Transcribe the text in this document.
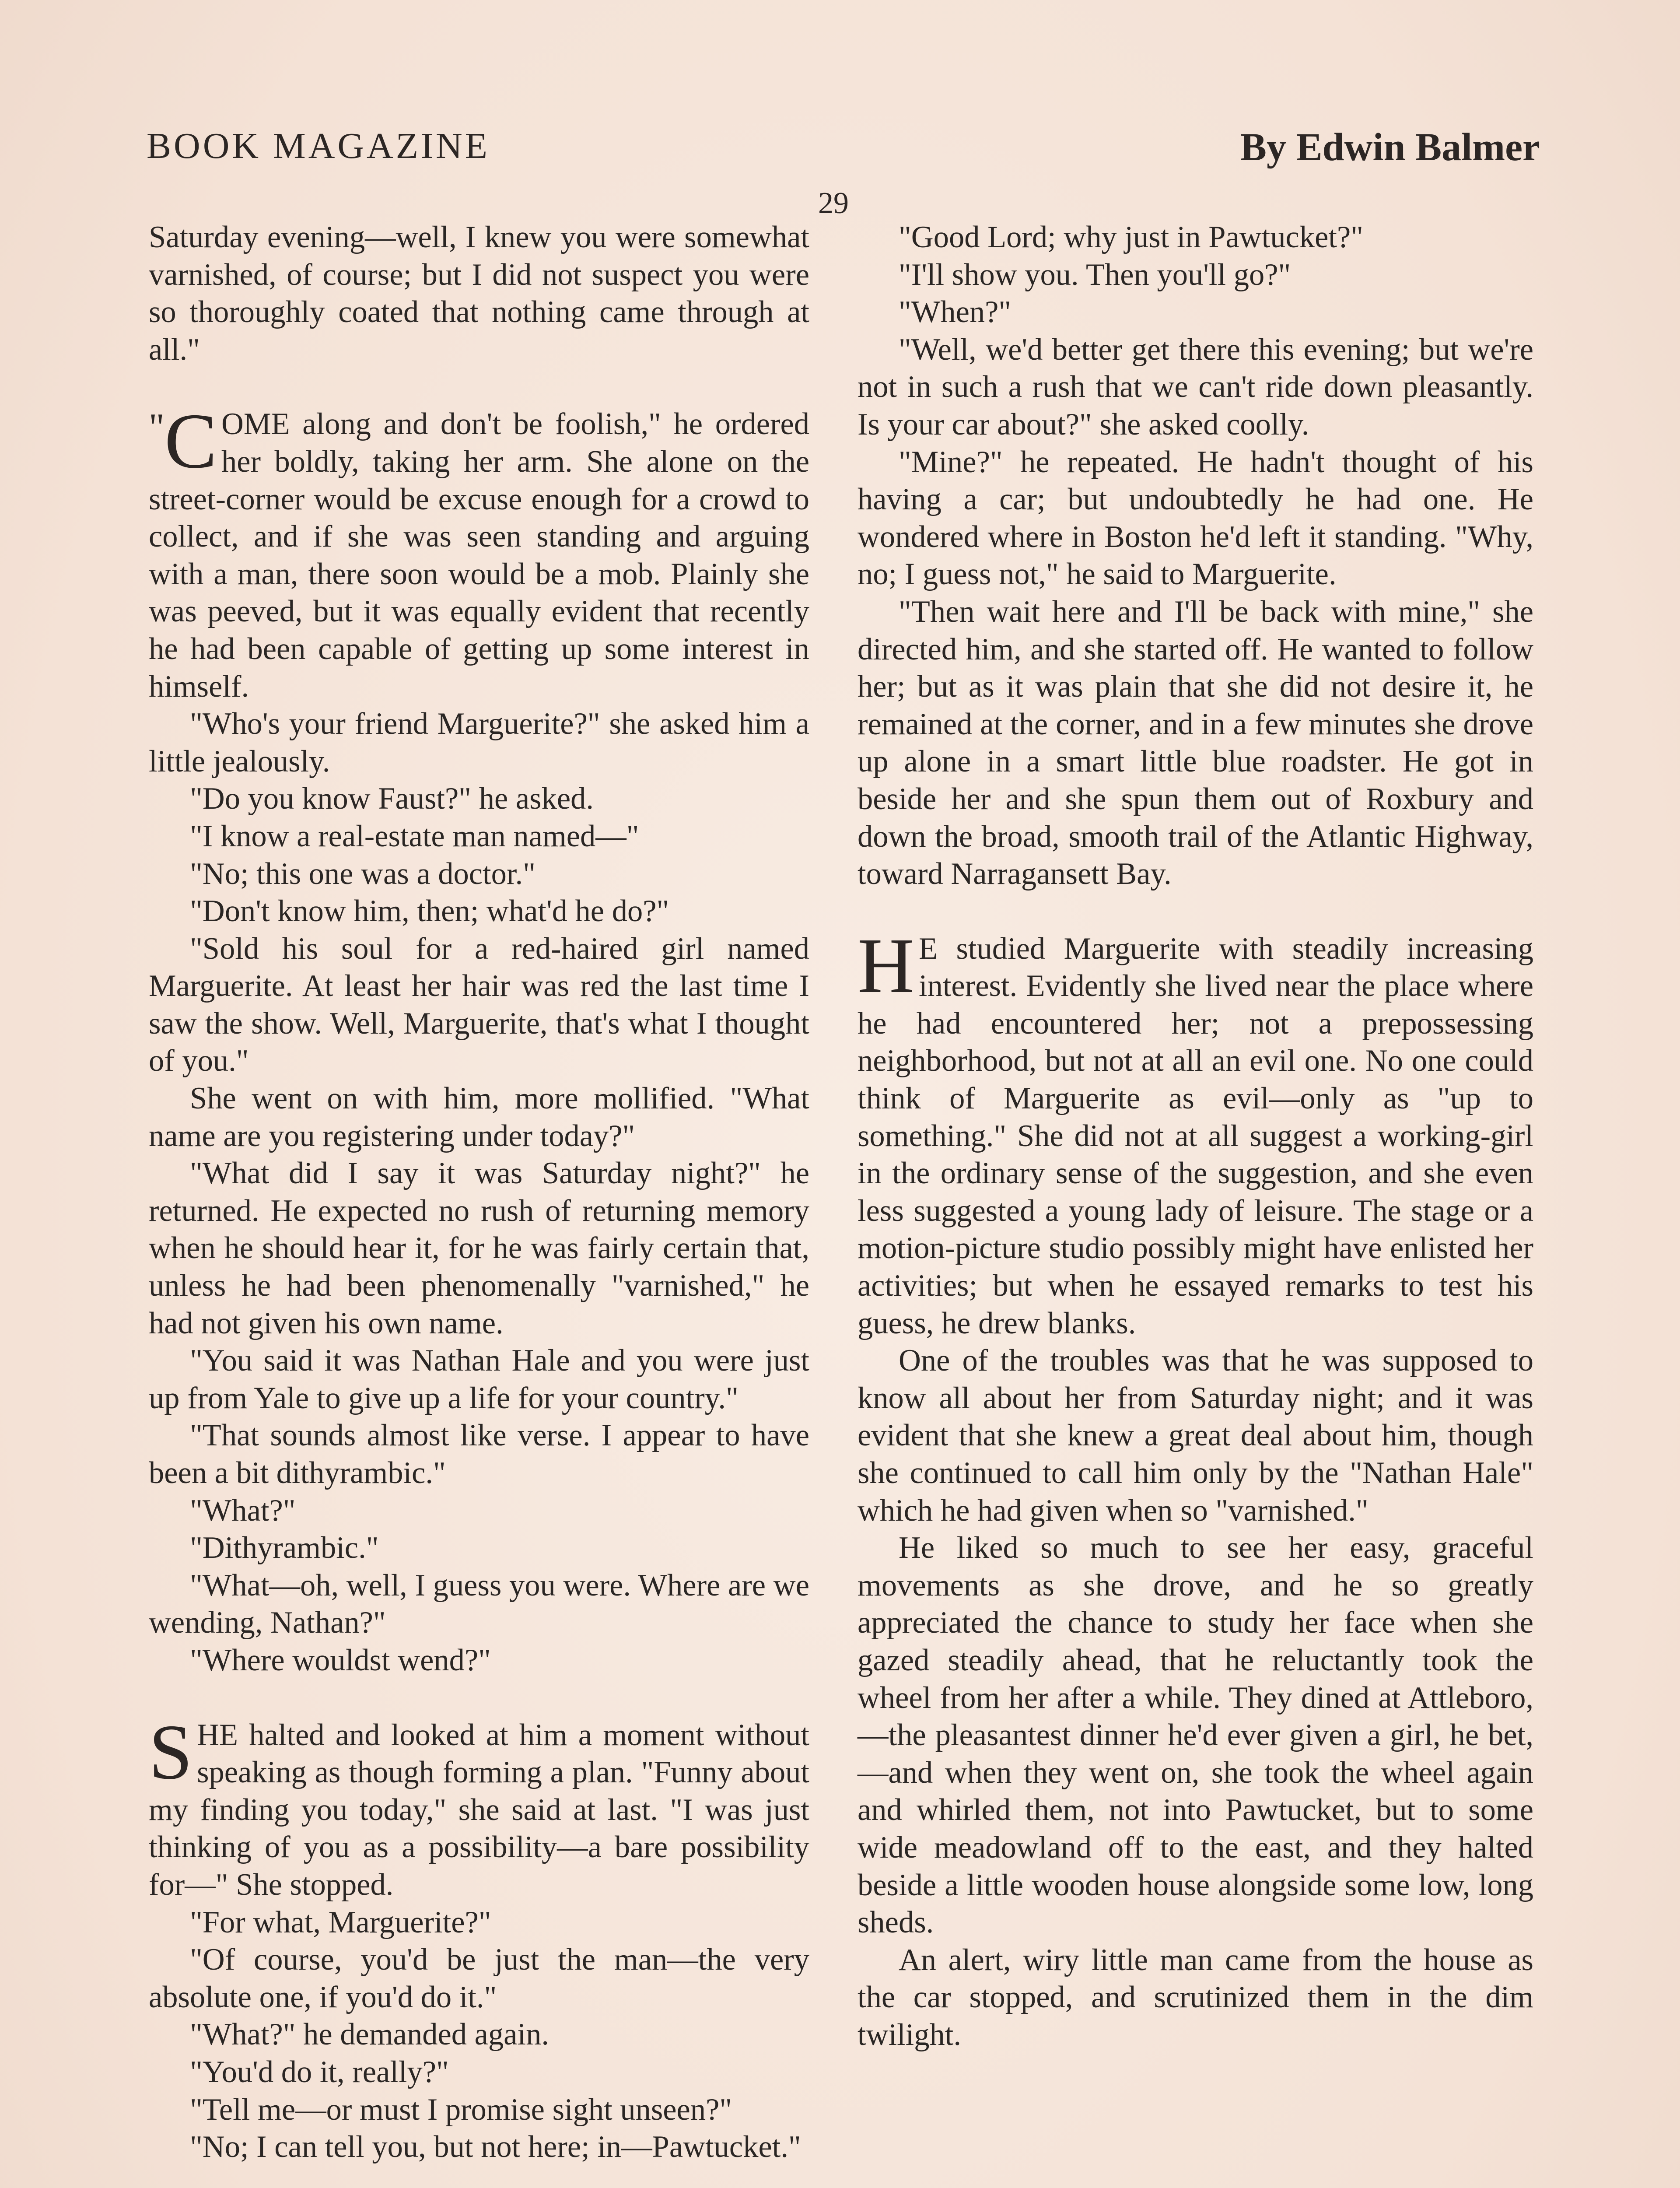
BOOK MAGAZINE	By Edwin Balmer
29

Saturday evening—well, I knew you were somewhat varnished, of course; but I did not suspect you were so thoroughly coated that nothing came through at all."

" C OME along and don't be foolish," he ordered her boldly, taking her arm. She alone on the street-corner would be excuse enough for a crowd to collect, and if she was seen standing and arguing with a man, there soon would be a mob. Plainly she was peeved, but it was equally evident that recently he had been capable of getting up some interest in himself.

"Who's your friend Marguerite?" she asked him a little jealously.

"Do you know Faust?" he asked.

"I know a real-estate man named—"

"No; this one was a doctor."

"Don't know him, then; what'd he do?"

"Sold his soul for a red-haired girl named Marguerite. At least her hair was red the last time I saw the show. Well, Marguerite, that's what I thought of you."

She went on with him, more mollified. "What name are you registering under today?"

"What did I say it was Saturday night?" he returned. He expected no rush of returning memory when he should hear it, for he was fairly certain that, unless he had been phenomenally "varnished," he had not given his own name.

"You said it was Nathan Hale and you were just up from Yale to give up a life for your country."

"That sounds almost like verse. I appear to have been a bit dithyrambic."

"What?"

"Dithyrambic."

"What—oh, well, I guess you were. Where are we wending, Nathan?"

"Where wouldst wend?"

SHE halted and looked at him a moment without speaking as though forming a plan. "Funny about my finding you today," she said at last. "I was just thinking of you as a possibility—a bare possibility for—" She stopped.

"For what, Marguerite?"

"Of course, you'd be just the man—the very absolute one, if you'd do it."

"What?" he demanded again.

"You'd do it, really?"

"Tell me—or must I promise sight unseen?"

"No; I can tell you, but not here; in—Pawtucket."

"Good Lord; why just in Pawtucket?"

"I'll show you. Then you'll go?"

"When?"

"Well, we'd better get there this evening; but we're not in such a rush that we can't ride down pleasantly. Is your car about?" she asked coolly.

"Mine?" he repeated. He hadn't thought of his having a car; but undoubtedly he had one. He wondered where in Boston he'd left it standing. "Why, no; I guess not," he said to Marguerite.

"Then wait here and I'll be back with mine," she directed him, and she started off. He wanted to follow her; but as it was plain that she did not desire it, he remained at the corner, and in a few minutes she drove up alone in a smart little blue roadster. He got in beside her and she spun them out of Roxbury and down the broad, smooth trail of the Atlantic Highway, toward Narragansett Bay.

H E studied Marguerite with steadily increasing interest. Evidently she lived near the place where he had encountered her; not a prepossessing neighborhood, but not at all an evil one. No one could think of Marguerite as evil—only as "up to something." She did not at all suggest a working-girl in the ordinary sense of the suggestion, and she even less suggested a young lady of leisure. The stage or a motion-picture studio possibly might have enlisted her activities; but when he essayed remarks to test his guess, he drew blanks.

One of the troubles was that he was supposed to know all about her from Saturday night; and it was evident that she knew a great deal about him, though she continued to call him only by the "Nathan Hale" which he had given when so "varnished."

He liked so much to see her easy, graceful movements as she drove, and he so greatly appreciated the chance to study her face when she gazed steadily ahead, that he reluctantly took the wheel from her after a while. They dined at Attleboro,—the pleasantest dinner he'd ever given a girl, he bet,—and when they went on, she took the wheel again and whirled them, not into Pawtucket, but to some wide meadowland off to the east, and they halted beside a little wooden house alongside some low, long sheds.

An alert, wiry little man came from the house as the car stopped, and scrutinized them in the dim twilight.
